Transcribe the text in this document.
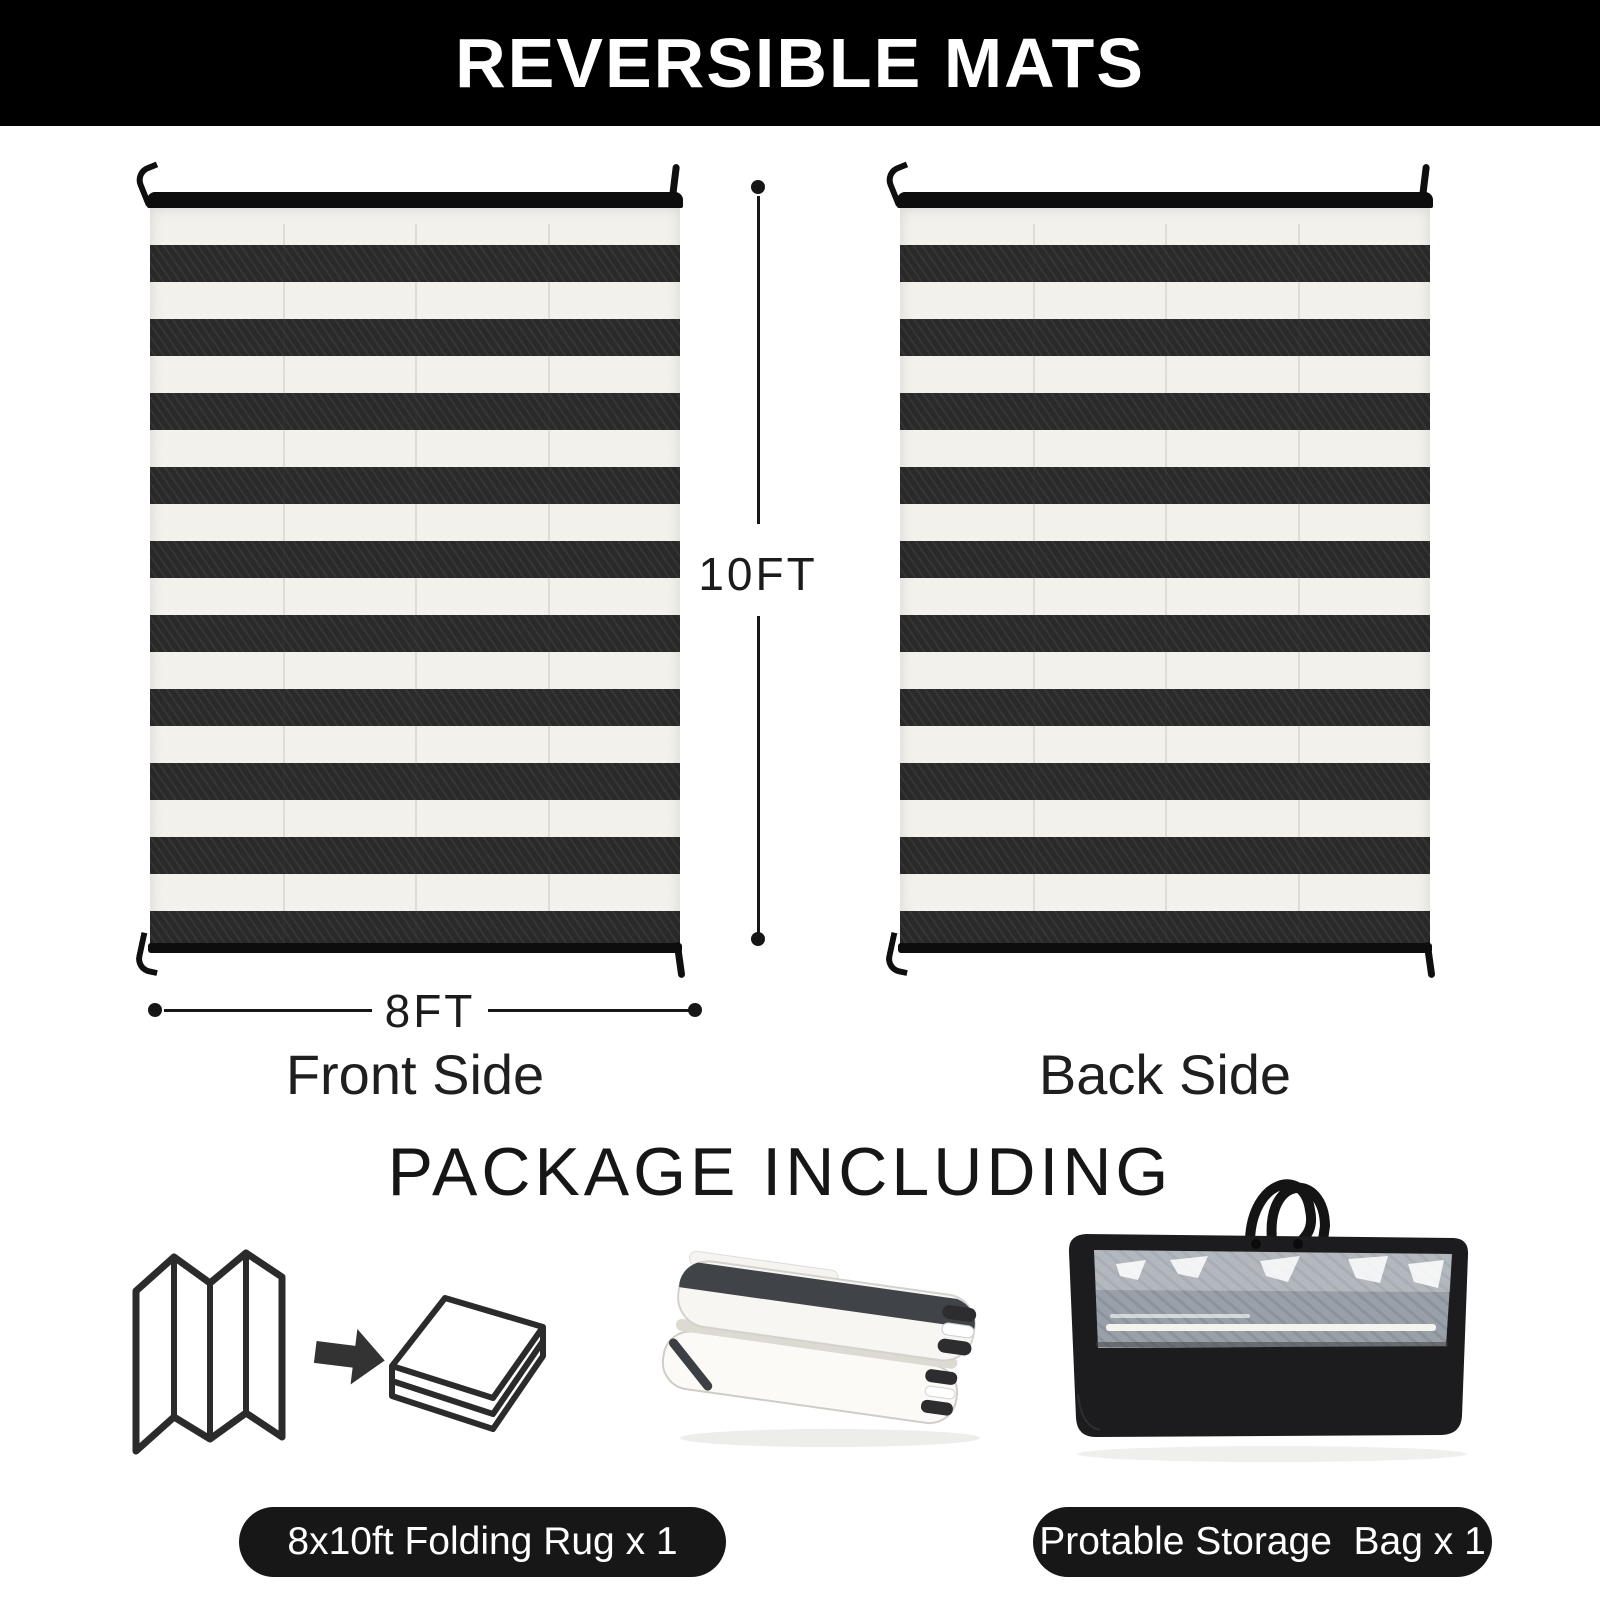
REVERSIBLE MATS
10FT
8FT
Front Side	Back Side
PACKAGE INCLUDING
8x10ft Folding Rug x 1	Protable Storage  Bag x 1
